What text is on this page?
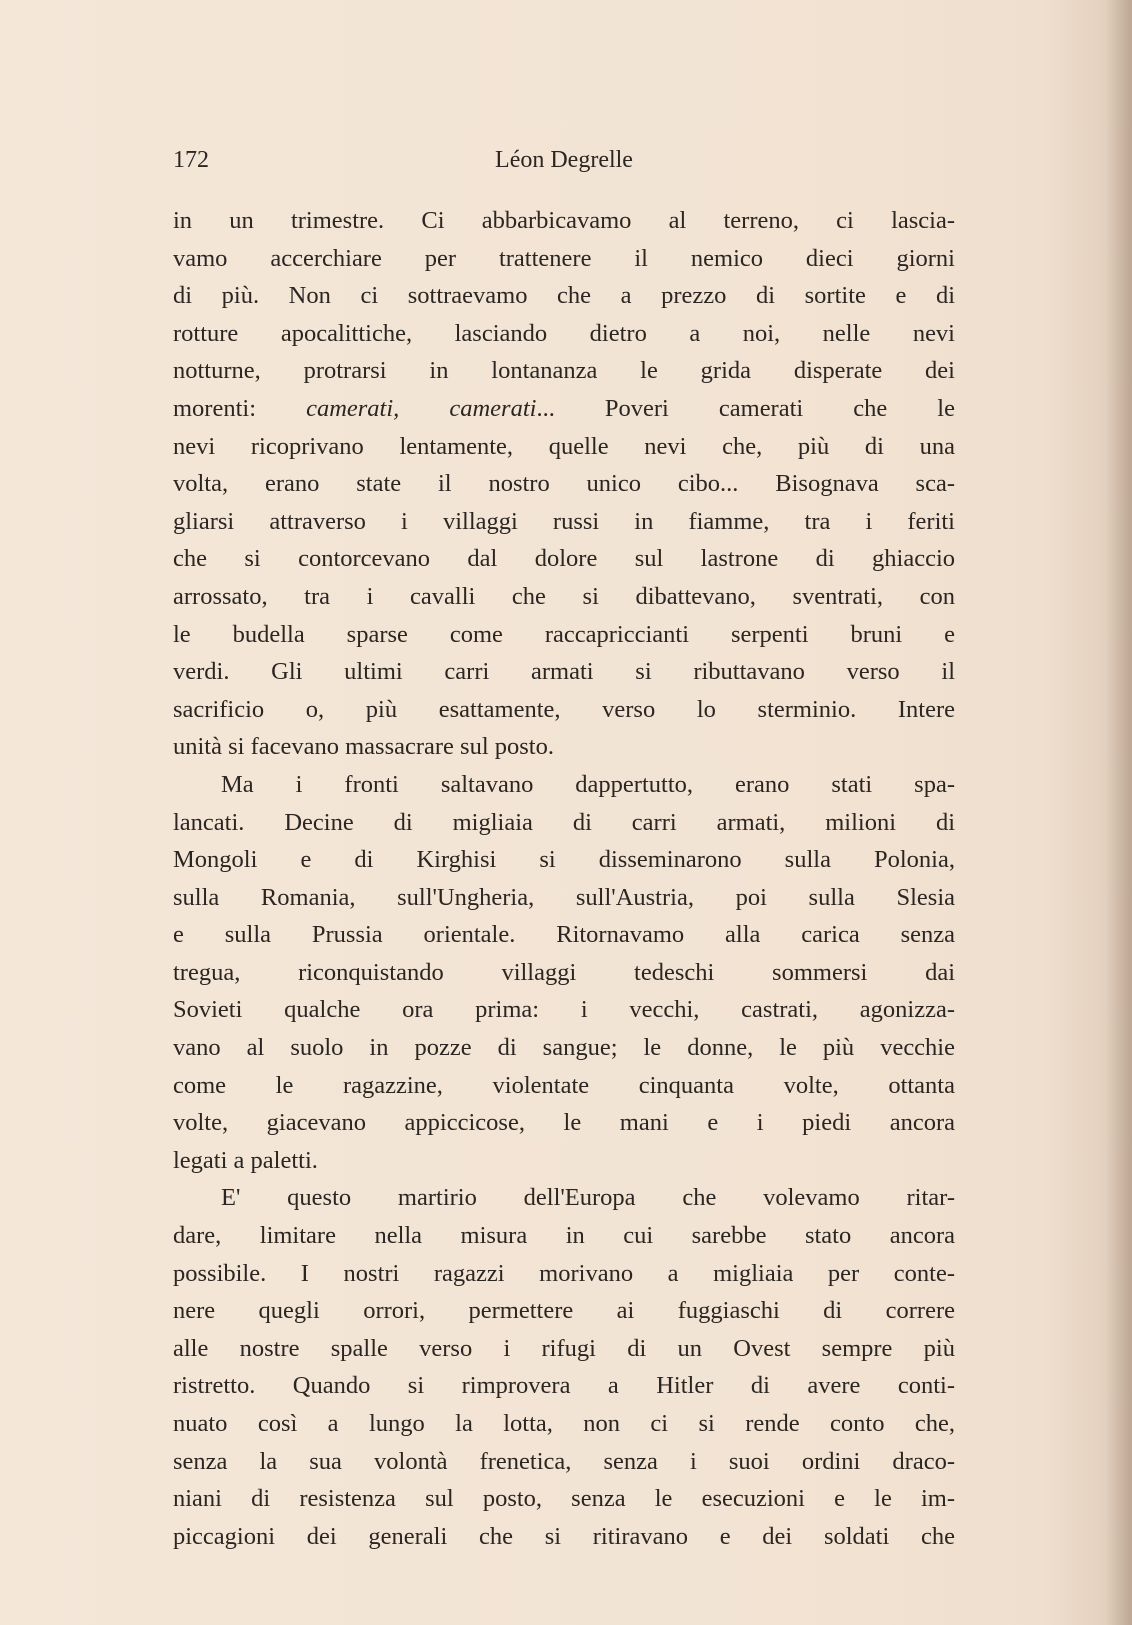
172	Léon Degrelle
in un trimestre. Ci abbarbicavamo al terreno, ci lascia-
vamo accerchiare per trattenere il nemico dieci giorni
di più. Non ci sottraevamo che a prezzo di sortite e di
rotture apocalittiche, lasciando dietro a noi, nelle nevi
notturne, protrarsi in lontananza le grida disperate dei
morenti: camerati, camerati... Poveri camerati che le
nevi ricoprivano lentamente, quelle nevi che, più di una
volta, erano state il nostro unico cibo... Bisognava sca-
gliarsi attraverso i villaggi russi in fiamme, tra i feriti
che si contorcevano dal dolore sul lastrone di ghiaccio
arrossato, tra i cavalli che si dibattevano, sventrati, con
le budella sparse come raccapriccianti serpenti bruni e
verdi. Gli ultimi carri armati si ributtavano verso il
sacrificio o, più esattamente, verso lo sterminio. Intere
unità si facevano massacrare sul posto.
Ma i fronti saltavano dappertutto, erano stati spa-
lancati. Decine di migliaia di carri armati, milioni di
Mongoli e di Kirghisi si disseminarono sulla Polonia,
sulla Romania, sull'Ungheria, sull'Austria, poi sulla Slesia
e sulla Prussia orientale. Ritornavamo alla carica senza
tregua, riconquistando villaggi tedeschi sommersi dai
Sovieti qualche ora prima: i vecchi, castrati, agonizza-
vano al suolo in pozze di sangue; le donne, le più vecchie
come le ragazzine, violentate cinquanta volte, ottanta
volte, giacevano appiccicose, le mani e i piedi ancora
legati a paletti.
E' questo martirio dell'Europa che volevamo ritar-
dare, limitare nella misura in cui sarebbe stato ancora
possibile. I nostri ragazzi morivano a migliaia per conte-
nere quegli orrori, permettere ai fuggiaschi di correre
alle nostre spalle verso i rifugi di un Ovest sempre più
ristretto. Quando si rimprovera a Hitler di avere conti-
nuato così a lungo la lotta, non ci si rende conto che,
senza la sua volontà frenetica, senza i suoi ordini draco-
niani di resistenza sul posto, senza le esecuzioni e le im-
piccagioni dei generali che si ritiravano e dei soldati che
